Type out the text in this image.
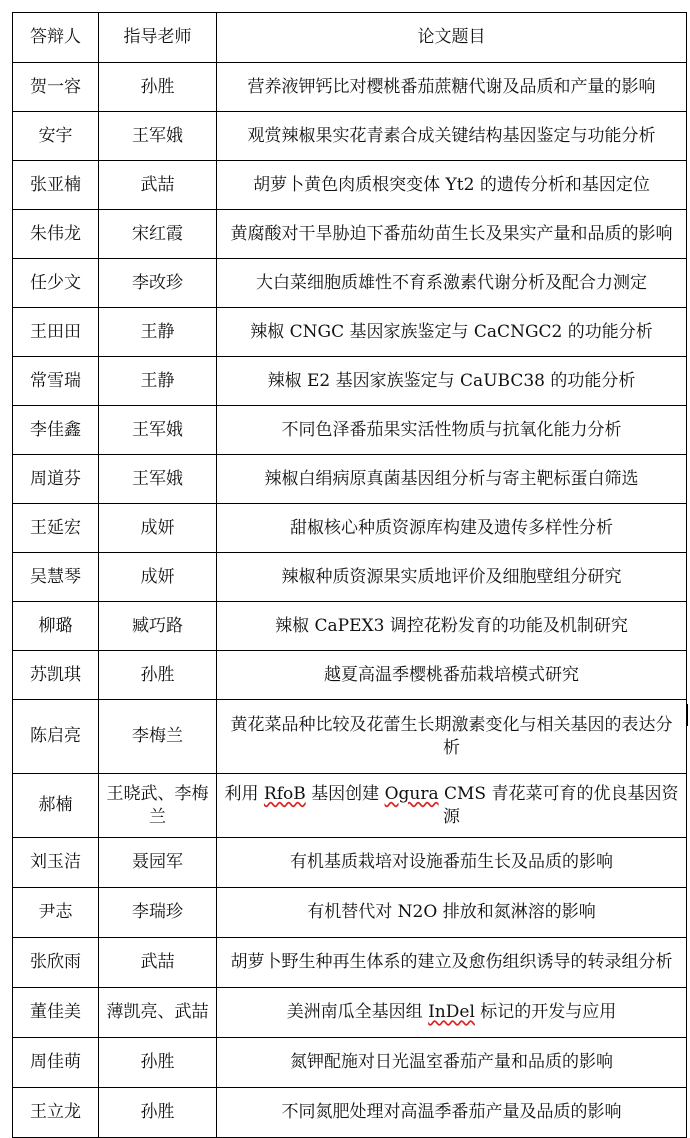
答辩人	指导老师	论文题目
贺一容	孙胜	营养液钾钙比对樱桃番茄蔗糖代谢及品质和产量的影响
安宇	王军娥	观赏辣椒果实花青素合成关键结构基因鉴定与功能分析
张亚楠	武喆	胡萝卜黄色肉质根突变体 Yt2 的遗传分析和基因定位
朱伟龙	宋红霞	黄腐酸对干旱胁迫下番茄幼苗生长及果实产量和品质的影响
任少文	李改珍	大白菜细胞质雄性不育系激素代谢分析及配合力测定
王田田	王静	辣椒 CNGC 基因家族鉴定与 CaCNGC2 的功能分析
常雪瑞	王静	辣椒 E2 基因家族鉴定与 CaUBC38 的功能分析
李佳鑫	王军娥	不同色泽番茄果实活性物质与抗氧化能力分析
周道芬	王军娥	辣椒白绢病原真菌基因组分析与寄主靶标蛋白筛选
王延宏	成妍	甜椒核心种质资源库构建及遗传多样性分析
吴慧琴	成妍	辣椒种质资源果实质地评价及细胞壁组分研究
柳璐	臧巧路	辣椒 CaPEX3 调控花粉发育的功能及机制研究
苏凯琪	孙胜	越夏高温季樱桃番茄栽培模式研究
陈启亮	李梅兰	黄花菜品种比较及花蕾生长期激素变化与相关基因的表达分析
郝楠	王晓武、李梅兰	利用 RfoB 基因创建 Ogura CMS 青花菜可育的优良基因资源
刘玉洁	聂园军	有机基质栽培对设施番茄生长及品质的影响
尹志	李瑞珍	有机替代对 N2O 排放和氮淋溶的影响
张欣雨	武喆	胡萝卜野生种再生体系的建立及愈伤组织诱导的转录组分析
董佳美	薄凯亮、武喆	美洲南瓜全基因组 InDel 标记的开发与应用
周佳萌	孙胜	氮钾配施对日光温室番茄产量和品质的影响
王立龙	孙胜	不同氮肥处理对高温季番茄产量及品质的影响
